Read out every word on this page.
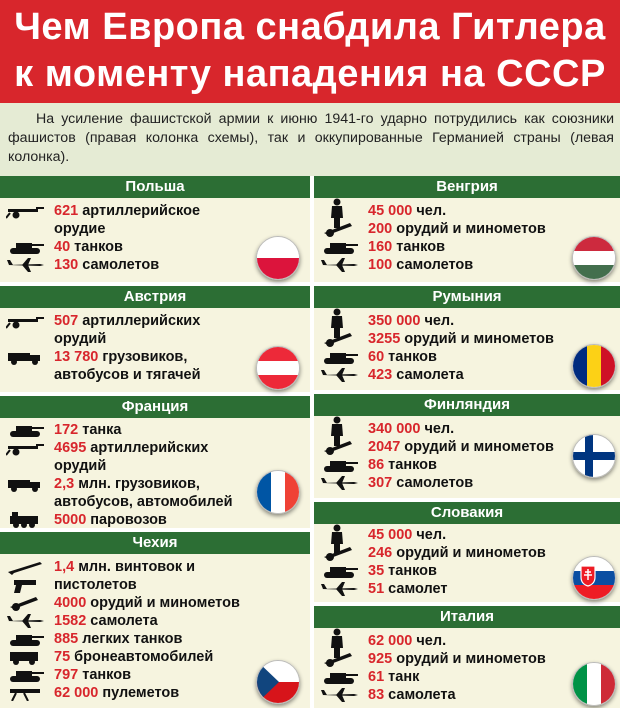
Чем Европа снабдила Гитлера
к моменту нападения на СССР

На усиление фашистской армии к июню 1941-го ударно потрудились как союзники фашистов (правая колонка схемы), так и оккупированные Германией страны (левая колонка).

Польша
621 артиллерийское
орудие
40 танков
130 самолетов
Австрия
507 артиллерийских
орудий
13 780 грузовиков,
автобусов и тягачей
Франция
172 танка
4695 артиллерийских
орудий
2,3 млн. грузовиков,
автобусов, автомобилей
5000 паровозов
Чехия
1,4 млн. винтовок и
пистолетов
4000 орудий и минометов
1582 самолета
885 легких танков
75 бронеавтомобилей
797 танков
62 000 пулеметов
Венгрия
45 000 чел.
200 орудий и минометов
160 танков
100 самолетов
Румыния
350 000 чел.
3255 орудий и минометов
60 танков
423 самолета
Финляндия
340 000 чел.
2047 орудий и минометов
86 танков
307 самолетов
Словакия
45 000 чел.
246 орудий и минометов
35 танков
51 самолет
Италия
62 000 чел.
925 орудий и минометов
61 танк
83 самолета
